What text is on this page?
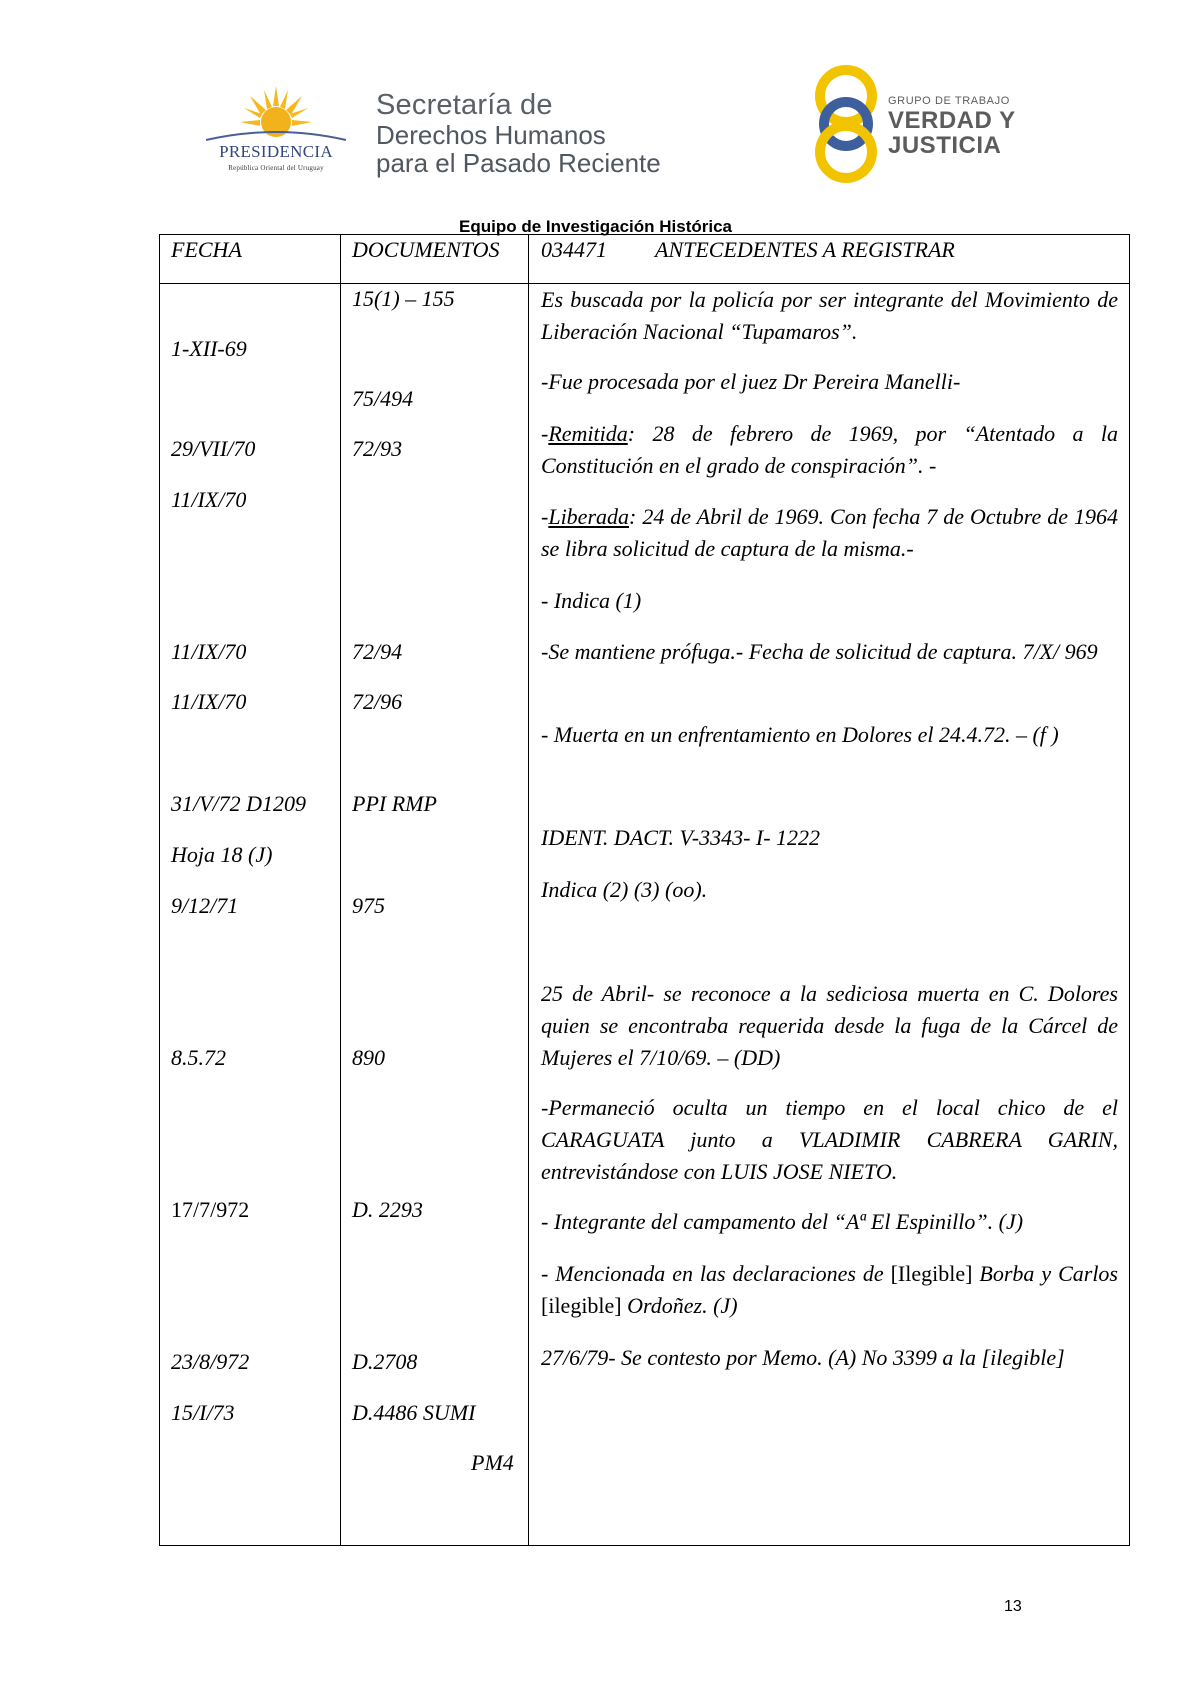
PRESIDENCIA
República Oriental del Uruguay
Secretaría de
Derechos Humanos
para el Pasado Reciente
GRUPO DE TRABAJO
VERDAD Y
JUSTICIA
Equipo de Investigación Histórica
FECHA	DOCUMENTOS 034471 ANTECEDENTES A REGISTRAR
1-XII-69
29/VII/70
11/IX/70
11/IX/70
11/IX/70
31/V/72 D1209
Hoja 18 (J)
9/12/71
8.5.72
17/7/972
23/8/972
15/I/73
15(1) – 155
75/494
72/93
72/94
72/96
PPI RMP
975
890
D. 2293
D.2708
D.4486 SUMI
PM4
Es buscada por la policía por ser integrante del Movimiento de Liberación Nacional “Tupamaros”.
-Fue procesada por el juez Dr Pereira Manelli-
-Remitida: 28 de febrero de 1969, por “Atentado a la Constitución en el grado de conspiración”. -
-Liberada: 24 de Abril de 1969. Con fecha 7 de Octubre de 1964 se libra solicitud de captura de la misma.-
- Indica (1)
-Se mantiene prófuga.- Fecha de solicitud de captura. 7/X/ 969
- Muerta en un enfrentamiento en Dolores el 24.4.72. – (f )
IDENT. DACT. V-3343- I- 1222
Indica (2) (3) (oo).
25 de Abril- se reconoce a la sediciosa muerta en C. Dolores quien se encontraba requerida desde la fuga de la Cárcel de Mujeres el 7/10/69. – (DD)
-Permaneció oculta un tiempo en el local chico de el CARAGUATA junto a VLADIMIR CABRERA GARIN, entrevistándose con LUIS JOSE NIETO.
- Integrante del campamento del “Aª El Espinillo”. (J)
- Mencionada en las declaraciones de [Ilegible] Borba y Carlos [ilegible] Ordoñez. (J)
27/6/79- Se contesto por Memo. (A) No 3399 a la [ilegible]
13
